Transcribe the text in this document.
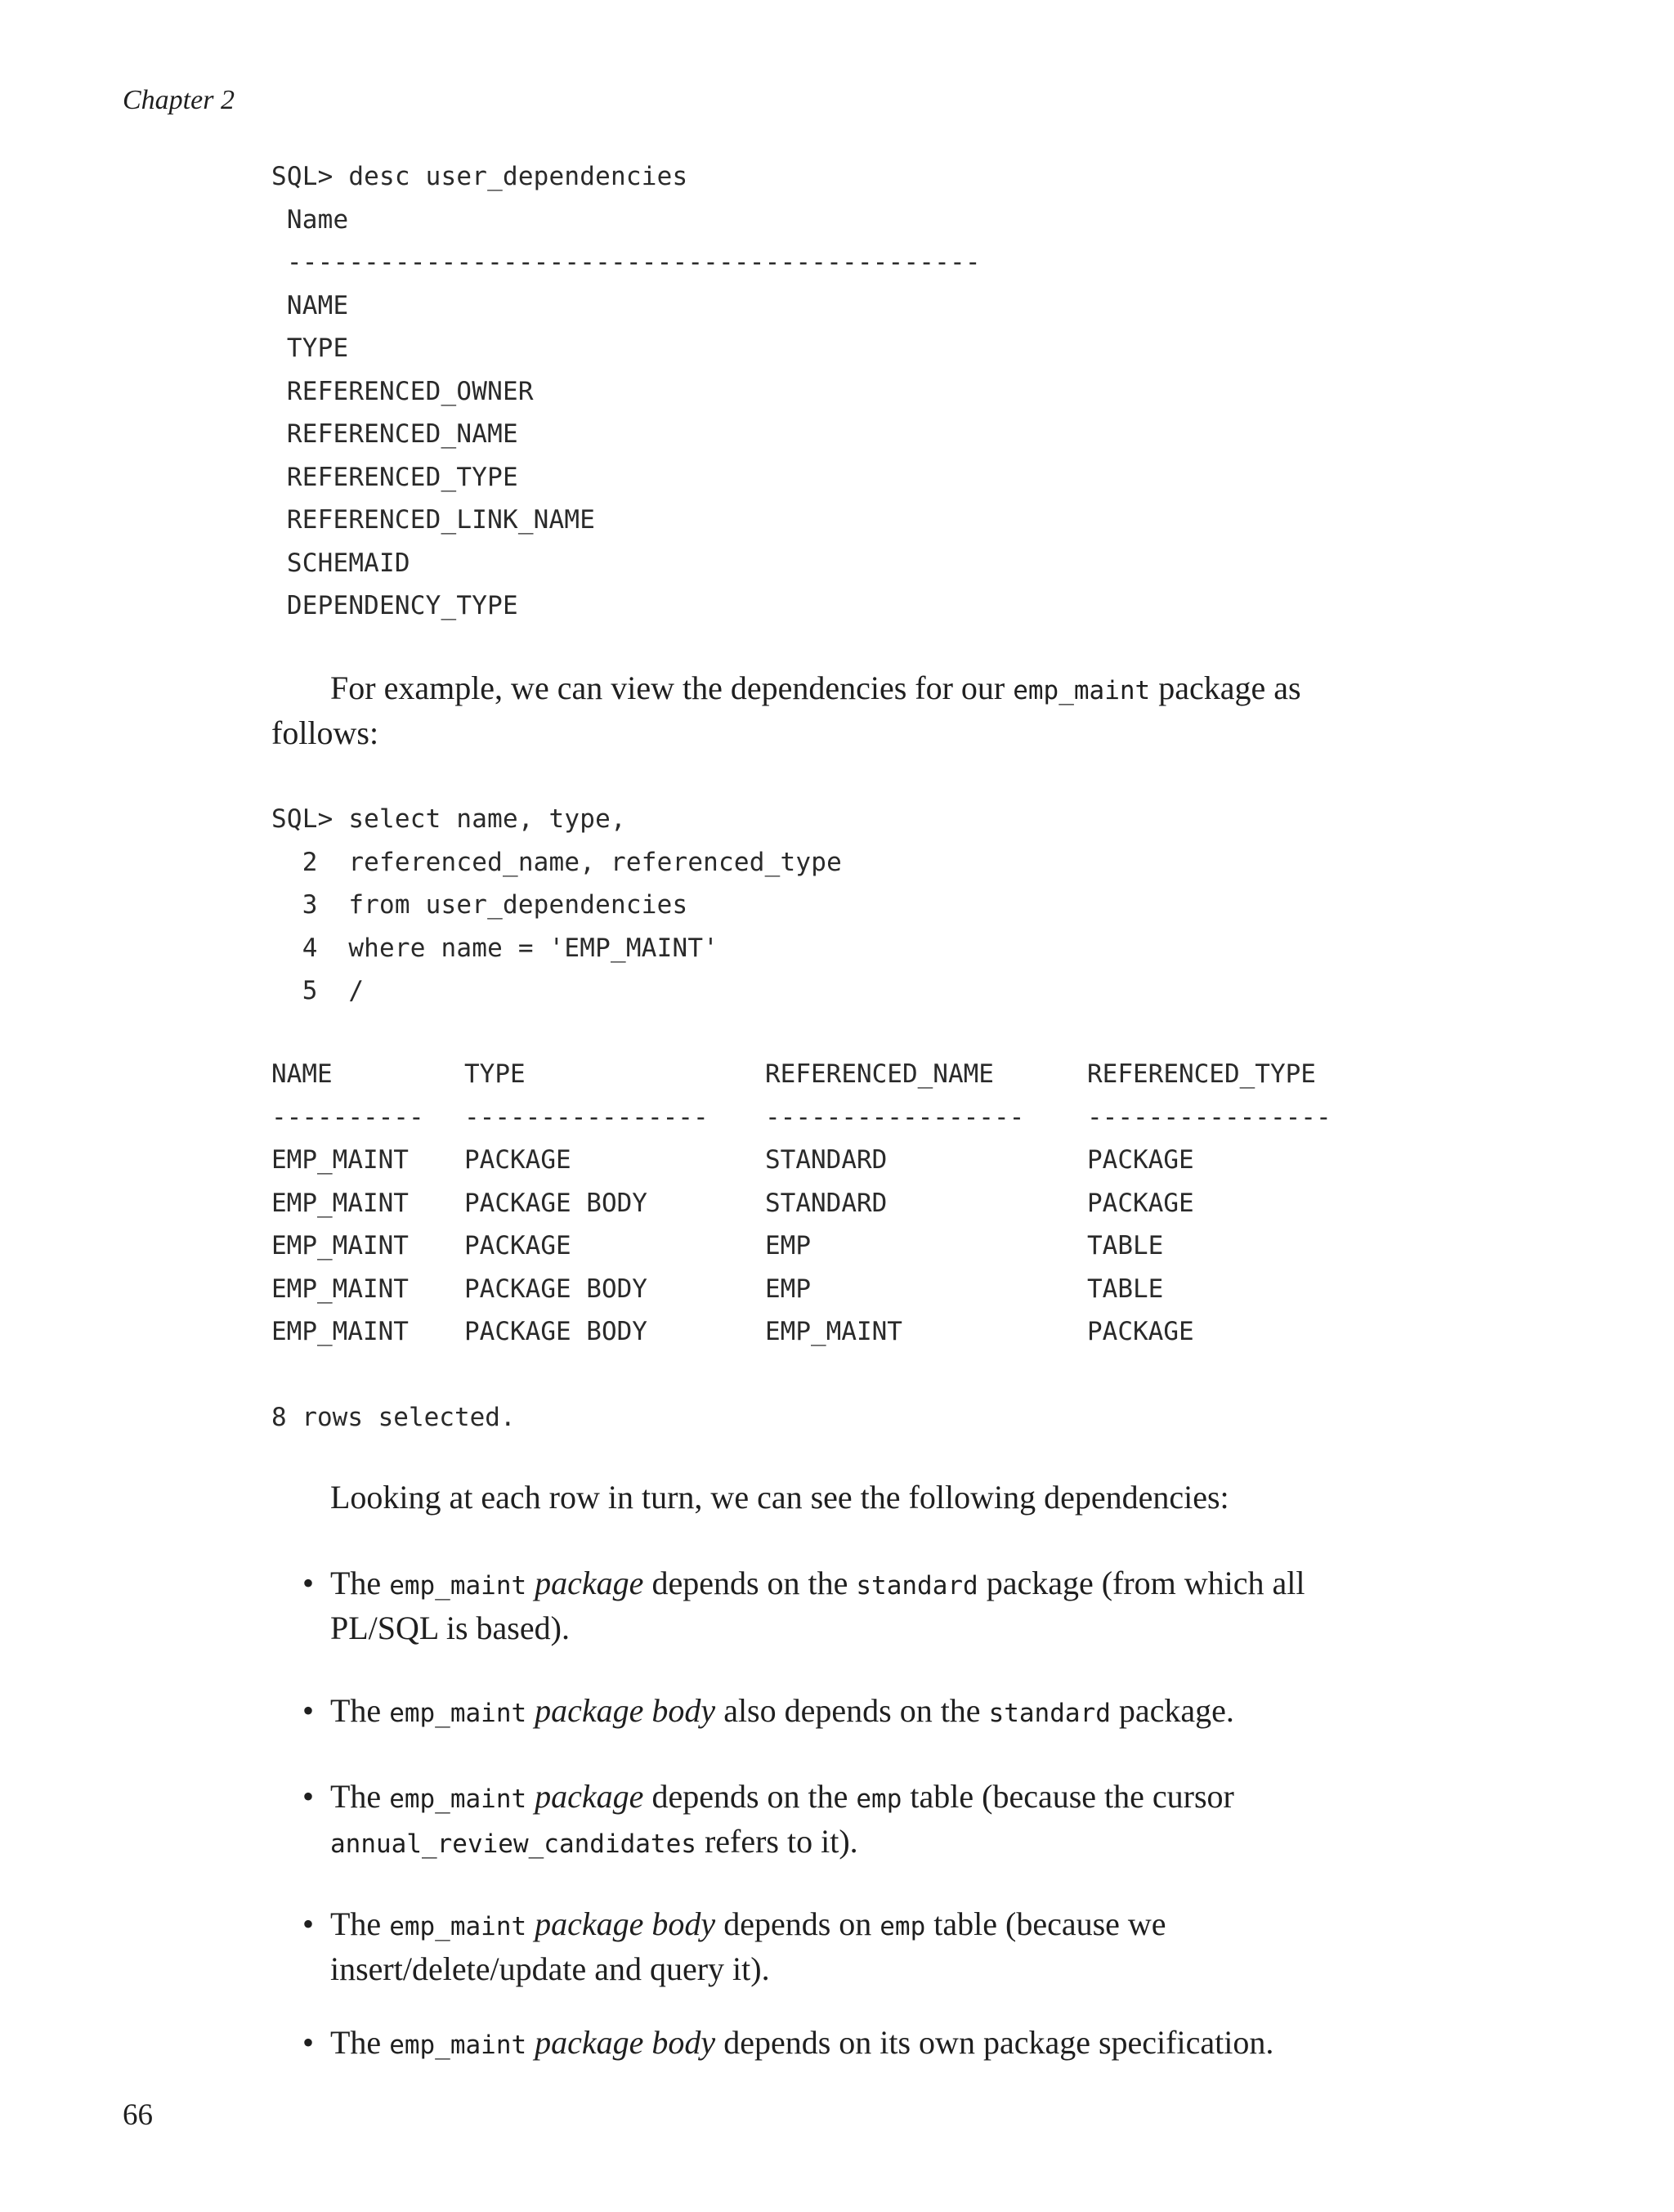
Chapter 2
SQL> desc user_dependencies
Name
---------------------------------------------
NAME
TYPE
REFERENCED_OWNER
REFERENCED_NAME
REFERENCED_TYPE
REFERENCED_LINK_NAME
SCHEMAID
DEPENDENCY_TYPE
For example, we can view the dependencies for our emp_maint package as
follows:
SQL> select name, type,
2  referenced_name, referenced_type
3  from user_dependencies
4  where name = 'EMP_MAINT'
5  /
NAME	TYPE	REFERENCED_NAME	REFERENCED_TYPE
---------- ---------------- ----------------- ----------------
EMP_MAINT PACKAGE	STANDARD	PACKAGE
EMP_MAINT PACKAGE BODY	STANDARD	PACKAGE
EMP_MAINT PACKAGE	EMP	TABLE
EMP_MAINT PACKAGE BODY	EMP	TABLE
EMP_MAINT PACKAGE BODY	EMP_MAINT	PACKAGE
8 rows selected.
Looking at each row in turn, we can see the following dependencies:
• The emp_maint package depends on the standard package (from which all
PL/SQL is based).
• The emp_maint package body also depends on the standard package.
• The emp_maint package depends on the emp table (because the cursor
annual_review_candidates refers to it).
• The emp_maint package body depends on emp table (because we
insert/delete/update and query it).
• The emp_maint package body depends on its own package specification.
66
